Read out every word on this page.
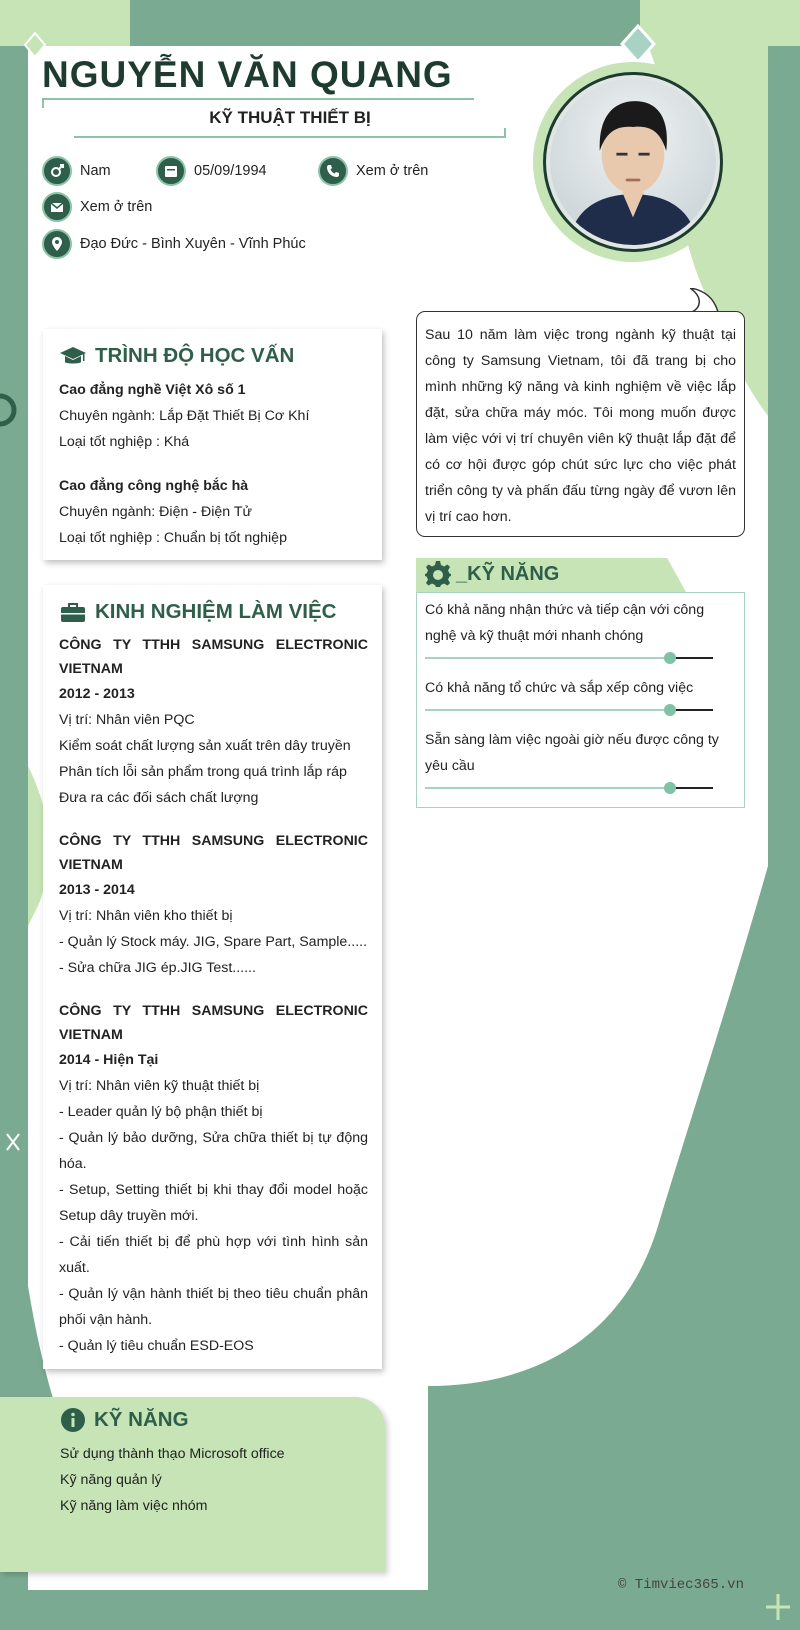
NGUYỄN VĂN QUANG
KỸ THUẬT THIẾT BỊ
Nam	05/09/1994	Xem ở trên
Xem ở trên
Đạo Đức - Bình Xuyên - Vĩnh Phúc
TRÌNH ĐỘ HỌC VẤN
Cao đẳng nghề Việt Xô số 1
Chuyên ngành: Lắp Đặt Thiết Bị Cơ Khí
Loại tốt nghiệp : Khá
Cao đẳng công nghệ bắc hà
Chuyên ngành: Điện - Điện Tử
Loại tốt nghiệp : Chuẩn bị tốt nghiệp
KINH NGHIỆM LÀM VIỆC
CÔNG TY TTHH SAMSUNG ELECTRONIC VIETNAM
2012 - 2013
Vị trí: Nhân viên PQC
Kiểm soát chất lượng sản xuất trên dây truyền
Phân tích lỗi sản phẩm trong quá trình lắp ráp
Đưa ra các đối sách chất lượng
CÔNG TY TTHH SAMSUNG ELECTRONIC VIETNAM
2013 - 2014
Vị trí: Nhân viên kho thiết bị
- Quản lý Stock máy. JIG, Spare Part, Sample.....
- Sửa chữa JIG ép.JIG Test......
CÔNG TY TTHH SAMSUNG ELECTRONIC VIETNAM
2014 - Hiện Tại
Vị trí: Nhân viên kỹ thuật thiết bị
- Leader quản lý bộ phận thiết bị
- Quản lý bảo dưỡng, Sửa chữa thiết bị tự động hóa.
- Setup, Setting thiết bị khi thay đổi model hoặc Setup dây truyền mới.
- Cải tiến thiết bị để phù hợp với tình hình sản xuất.
- Quản lý vận hành thiết bị theo tiêu chuẩn phân phối vận hành.
- Quản lý tiêu chuẩn ESD-EOS
Sau 10 năm làm việc trong ngành kỹ thuật tại công ty Samsung Vietnam, tôi đã trang bị cho mình những kỹ năng và kinh nghiệm về việc lắp đặt, sửa chữa máy móc. Tôi mong muốn được làm việc với vị trí chuyên viên kỹ thuật lắp đặt để có cơ hội được góp chút sức lực cho việc phát triển công ty và phấn đấu từng ngày để vươn lên vị trí cao hơn.
_KỸ NĂNG
Có khả năng nhận thức và tiếp cận với công nghệ và kỹ thuật mới nhanh chóng
Có khả năng tổ chức và sắp xếp công việc
Sẵn sàng làm việc ngoài giờ nếu được công ty yêu cầu
KỸ NĂNG
Sử dụng thành thạo Microsoft office
Kỹ năng quản lý
Kỹ năng làm việc nhóm
© Timviec365.vn
